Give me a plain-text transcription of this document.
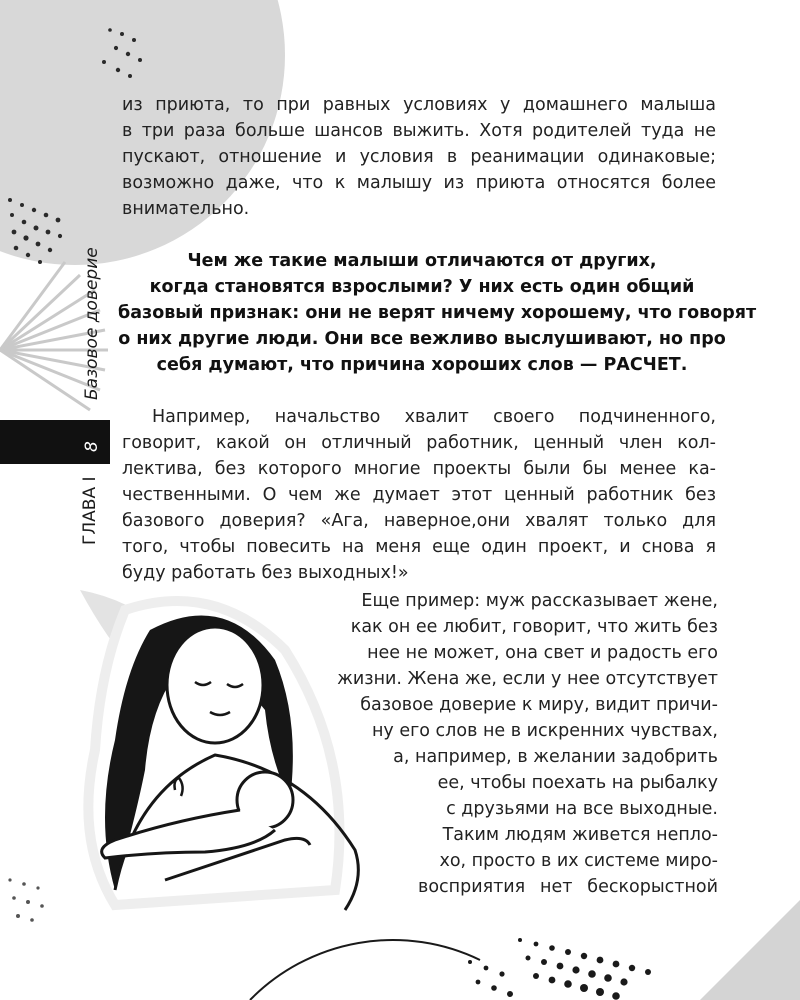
Базовое доверие
8
ГЛАВА I
из приюта, то при равных условиях у домашнего малыша
в три раза больше шансов выжить. Хотя родителей туда не
пускают, отношение и условия в реанимации одинаковые;
возможно даже, что к малышу из приюта относятся более
внимательно.
Чем же такие малыши отличаются от других,
когда становятся взрослыми? У них есть один общий
базовый признак: они не верят ничему хорошему, что говорят
о них другие люди. Они все вежливо выслушивают, но про
себя думают, что причина хороших слов — РАСЧЕТ.
Например, начальство хвалит своего подчиненного,
говорит, какой он отличный работник, ценный член кол-
лектива, без которого многие проекты были бы менее ка-
чественными. О чем же думает этот ценный работник без
базового доверия? «Ага, наверное,они хвалят только для
того, чтобы повесить на меня еще один проект, и снова я
буду работать без выходных!»
Еще пример: муж рассказывает жене,
как он ее любит, говорит, что жить без
нее не может, она свет и радость его
жизни. Жена же, если у нее отсутствует
базовое доверие к миру, видит причи-
ну его слов не в искренних чувствах,
а, например, в желании задобрить
ее, чтобы поехать на рыбалку
с друзьями на все выходные.
Таким людям живется непло-
хо, просто в их системе миро-
восприятия нет бескорыстной
